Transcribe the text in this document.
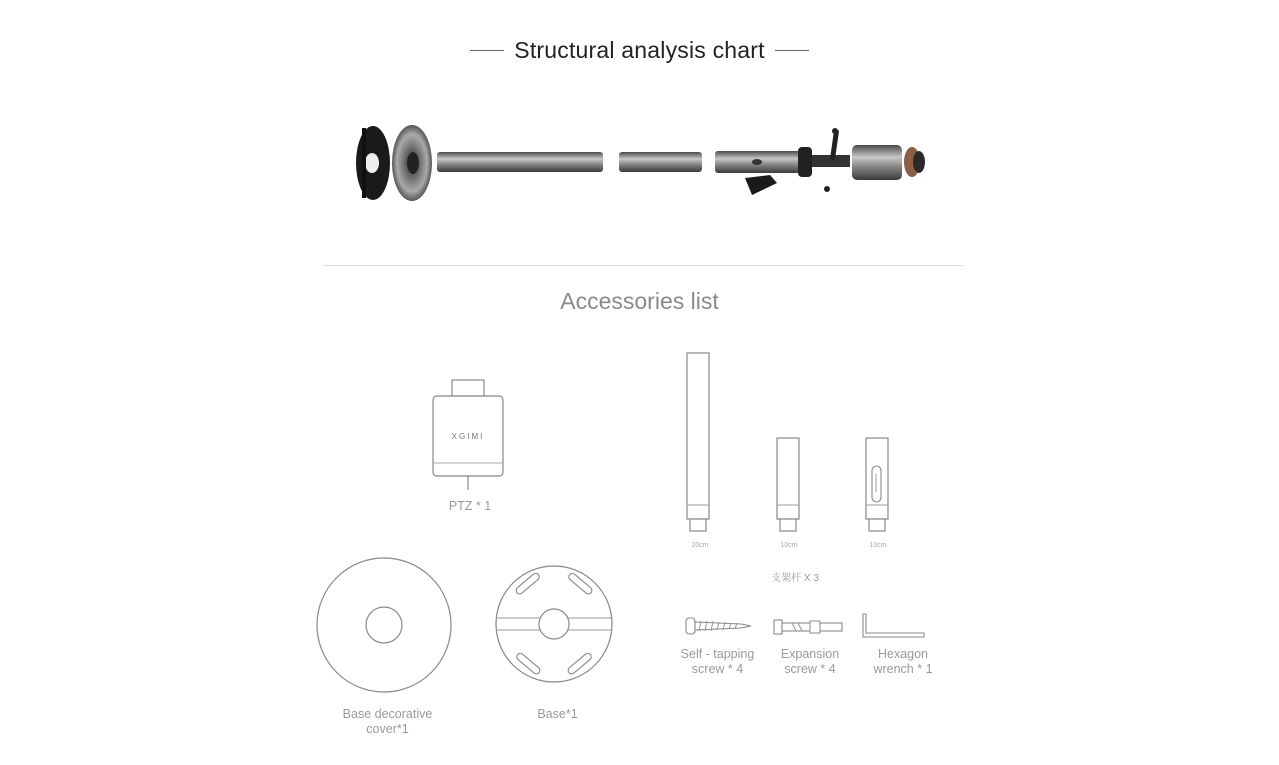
Structural analysis chart
Accessories list
XGIMI
PTZ * 1
20cm	10cm	10cm
支架杆 X 3
Self - tapping
screw * 4
Expansion
screw * 4
Hexagon
wrench * 1
Base decorative
cover*1
Base*1
